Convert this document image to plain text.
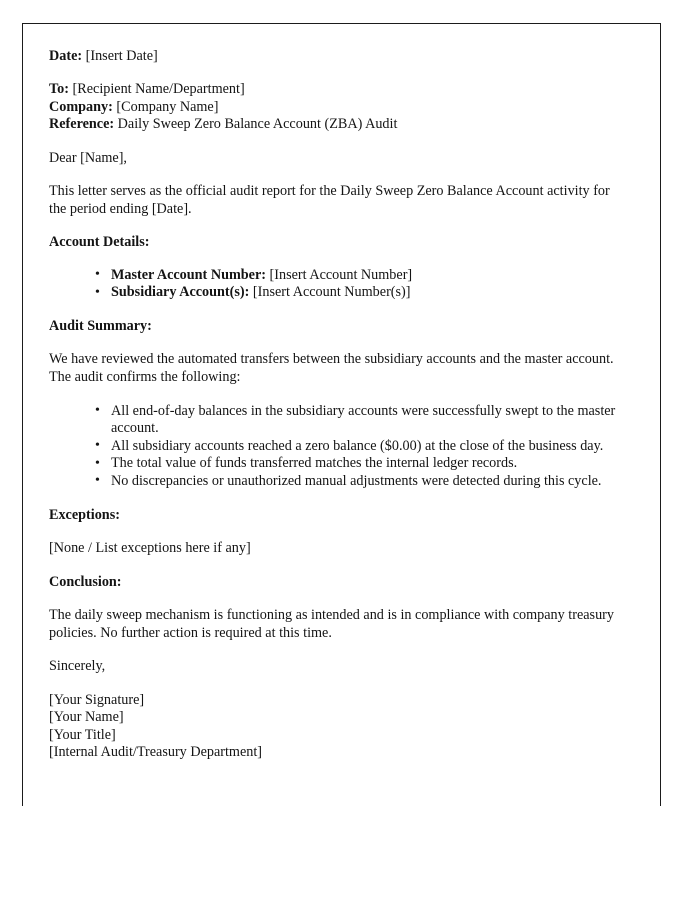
Date: [Insert Date]

To: [Recipient Name/Department]

Company: [Company Name]

Reference: Daily Sweep Zero Balance Account (ZBA) Audit

Dear [Name],

This letter serves as the official audit report for the Daily Sweep Zero Balance Account activity for the period ending [Date].

Account Details:

• Master Account Number: [Insert Account Number]
• Subsidiary Account(s): [Insert Account Number(s)]

Audit Summary:

We have reviewed the automated transfers between the subsidiary accounts and the master account. The audit confirms the following:

• All end-of-day balances in the subsidiary accounts were successfully swept to the master account.
• All subsidiary accounts reached a zero balance ($0.00) at the close of the business day.
• The total value of funds transferred matches the internal ledger records.
• No discrepancies or unauthorized manual adjustments were detected during this cycle.

Exceptions:

[None / List exceptions here if any]

Conclusion:

The daily sweep mechanism is functioning as intended and is in compliance with company treasury policies. No further action is required at this time.

Sincerely,

[Your Signature]

[Your Name]

[Your Title]

[Internal Audit/Treasury Department]
